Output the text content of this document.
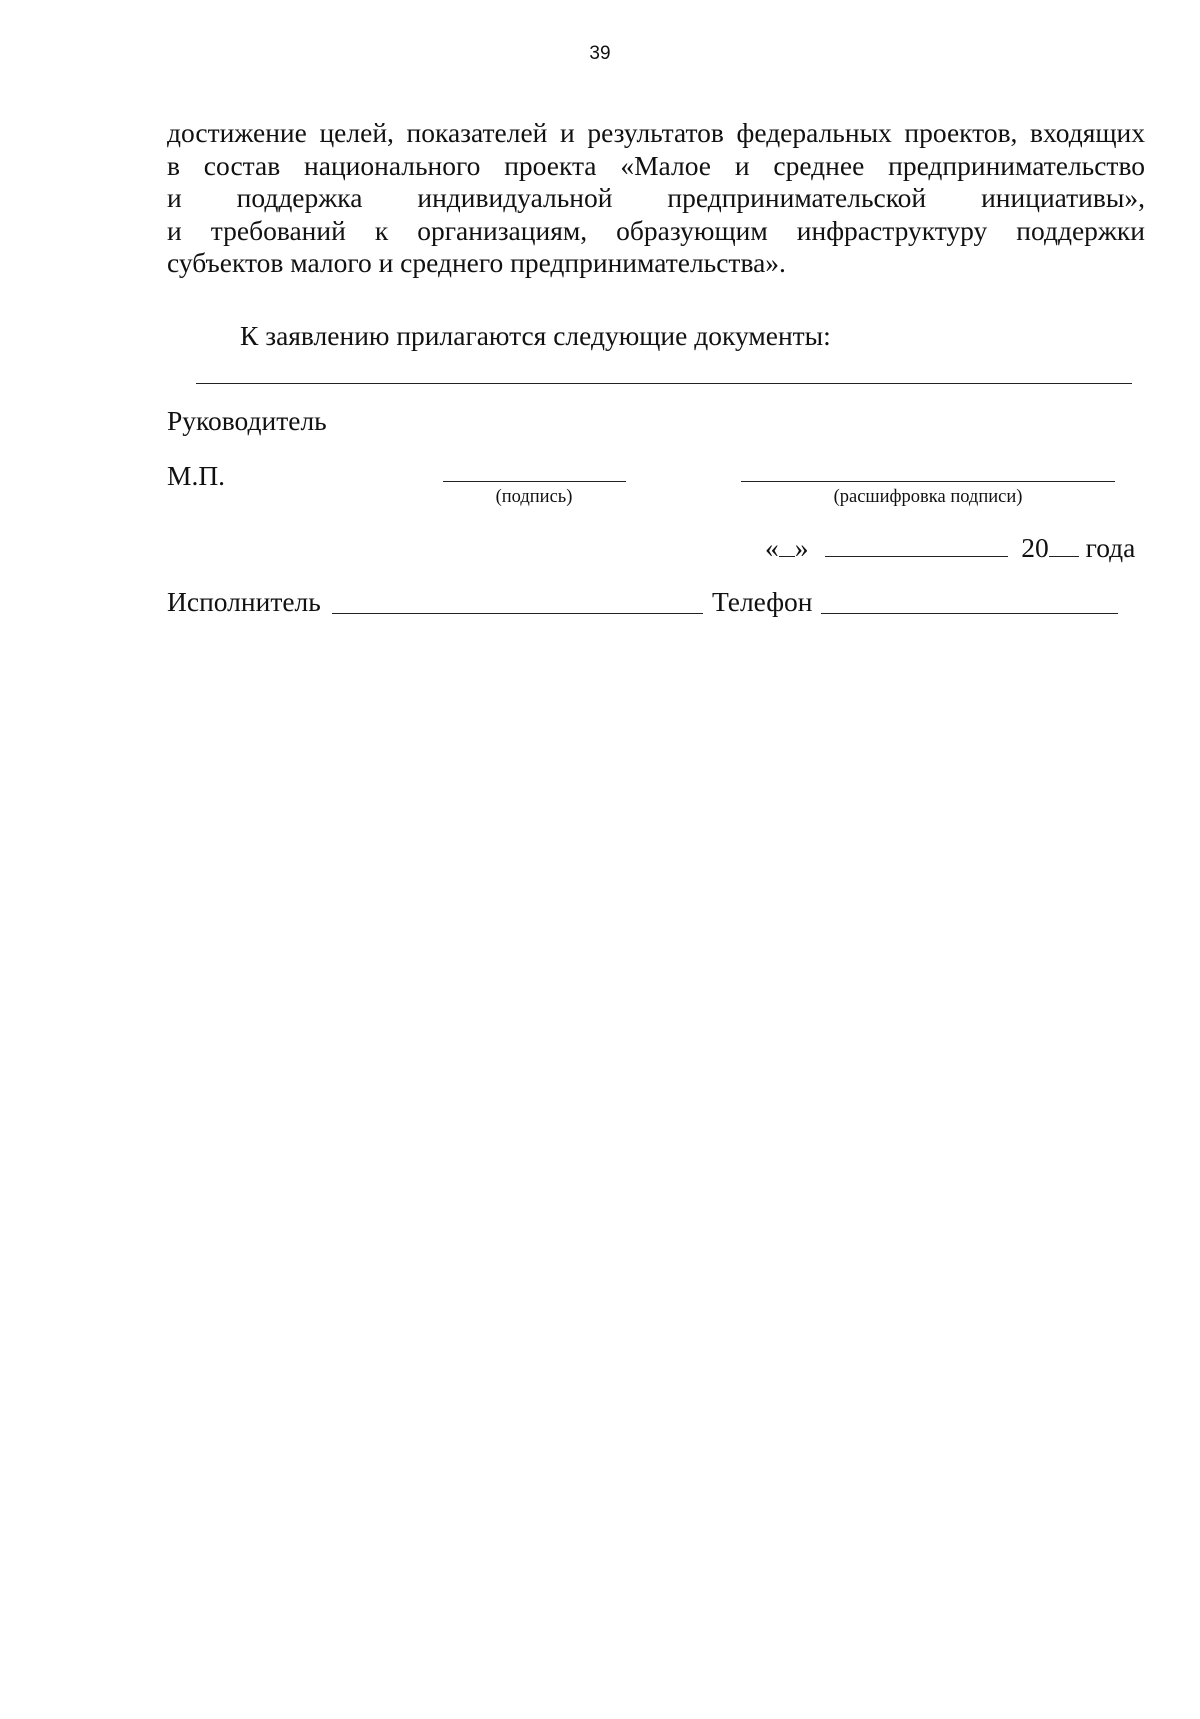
39
достижение целей, показателей и результатов федеральных проектов, входящих
в состав национального проекта «Малое и среднее предпринимательство
и поддержка индивидуальной предпринимательской инициативы»,
и требований к организациям, образующим инфраструктуру поддержки
субъектов малого и среднего предпринимательства».
К заявлению прилагаются следующие документы:
Руководитель
М.П.
(подпись)	(расшифровка подписи)
« »	20 года
Исполнитель	Телефон
